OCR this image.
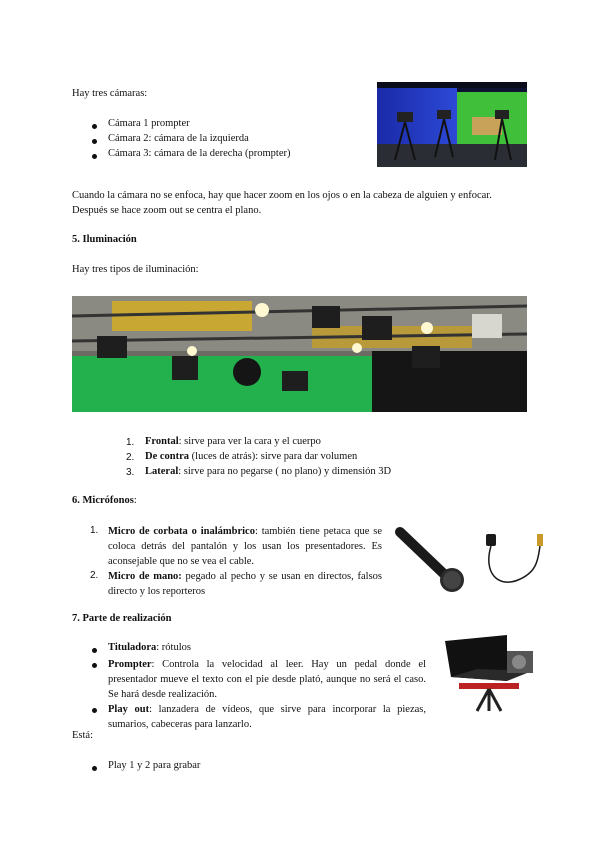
Hay tres cámaras:
Cámara 1 prompter
Cámara 2: cámara de la izquierda
Cámara 3: cámara de la derecha (prompter)
Cuando la cámara no se enfoca, hay que hacer zoom en los ojos o en la cabeza de alguien y enfocar.
Después se hace zoom out se centra el plano.
5. Iluminación
Hay tres tipos de iluminación:
1. Frontal: sirve para ver la cara y el cuerpo
2. De contra (luces de atrás): sirve para dar volumen
3. Lateral: sirve para no pegarse ( no plano) y dimensión 3D
6. Micrófonos:
1. Micro de corbata o inalámbrico: también tiene petaca que se coloca detrás del pantalón y los usan los presentadores. Es aconsejable que no se vea el cable.
2. Micro de mano: pegado al pecho y se usan en directos, falsos directo y los reporteros
7. Parte de realización
Tituladora: rótulos
Prompter: Controla la velocidad al leer. Hay un pedal donde el presentador mueve el texto con el pie desde plató, aunque no será el caso. Se hará desde realización.
Play out: lanzadera de vídeos, que sirve para incorporar la piezas, sumarios, cabeceras para lanzarlo.
Está:
Play 1 y 2 para grabar
